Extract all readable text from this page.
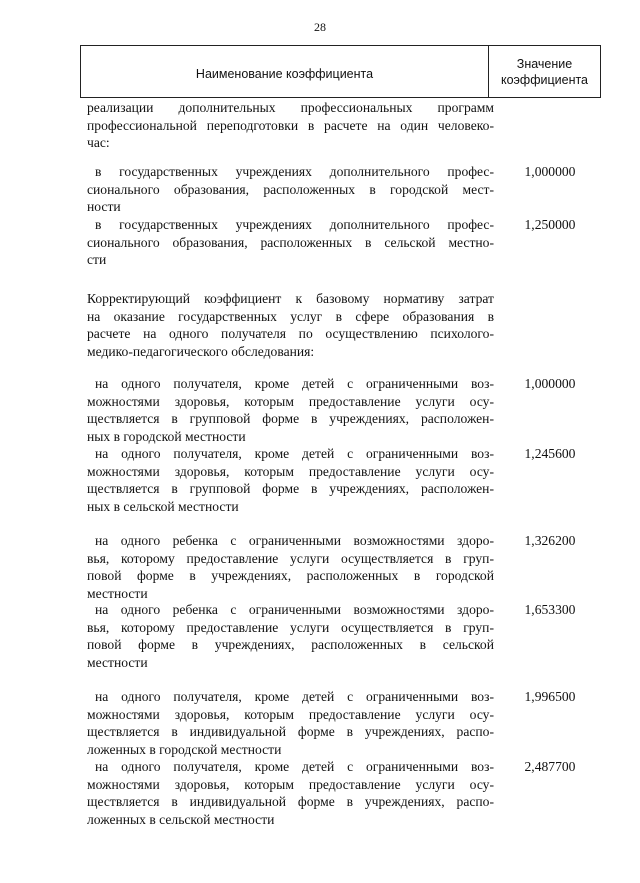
28
Наименование коэффициента
Значение
коэффициента
реализации дополнительных профессиональных программ
профессиональной переподготовки в расчете на один человеко-
час:
в государственных учреждениях дополнительного профес-
сионального образования, расположенных в городской мест-
ности
1,000000
в государственных учреждениях дополнительного профес-
сионального образования, расположенных в сельской местно-
сти
1,250000
Корректирующий коэффициент к базовому нормативу затрат
на оказание государственных услуг в сфере образования в
расчете на одного получателя по осуществлению психолого-
медико-педагогического обследования:
на одного получателя, кроме детей с ограниченными воз-
можностями здоровья, которым предоставление услуги осу-
ществляется в групповой форме в учреждениях, расположен-
ных в городской местности
1,000000
на одного получателя, кроме детей с ограниченными воз-
можностями здоровья, которым предоставление услуги осу-
ществляется в групповой форме в учреждениях, расположен-
ных в сельской местности
1,245600
на одного ребенка с ограниченными возможностями здоро-
вья, которому предоставление услуги осуществляется в груп-
повой форме в учреждениях, расположенных в городской
местности
1,326200
на одного ребенка с ограниченными возможностями здоро-
вья, которому предоставление услуги осуществляется в груп-
повой форме в учреждениях, расположенных в сельской
местности
1,653300
на одного получателя, кроме детей с ограниченными воз-
можностями здоровья, которым предоставление услуги осу-
ществляется в индивидуальной форме в учреждениях, распо-
ложенных в городской местности
1,996500
на одного получателя, кроме детей с ограниченными воз-
можностями здоровья, которым предоставление услуги осу-
ществляется в индивидуальной форме в учреждениях, распо-
ложенных в сельской местности
2,487700
